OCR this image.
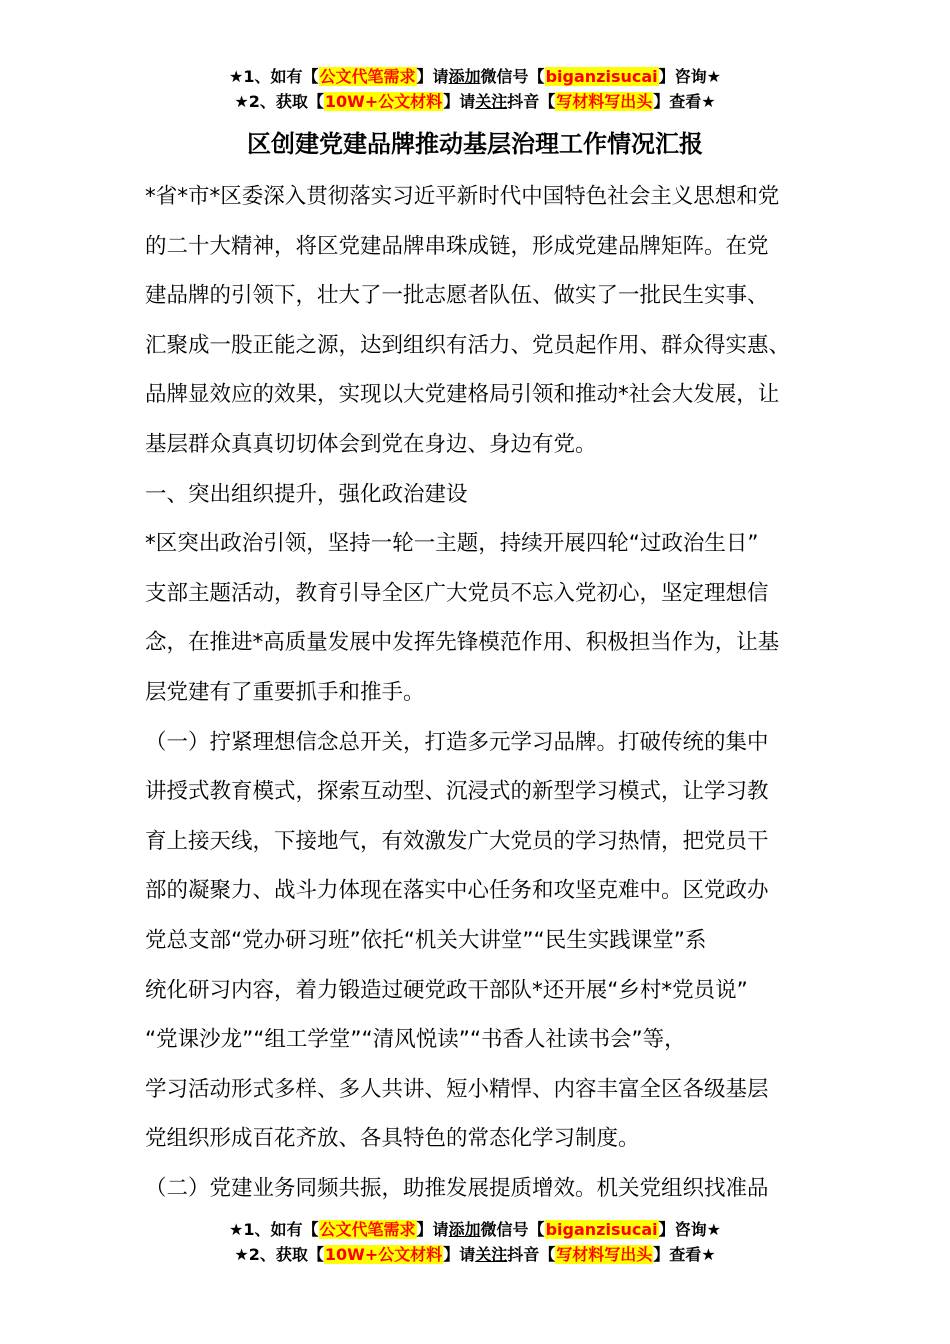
★1、如有【公文代笔需求】请添加微信号【biganzisucai】咨询★
★2、获取【10W+公文材料】请关注抖音【写材料写出头】查看★
区创建党建品牌推动基层治理工作情况汇报

*省*市*区委深入贯彻落实习近平新时代中国特色社会主义思想和党

的二十大精神，将区党建品牌串珠成链，形成党建品牌矩阵。在党

建品牌的引领下，壮大了一批志愿者队伍、做实了一批民生实事、

汇聚成一股正能之源，达到组织有活力、党员起作用、群众得实惠、

品牌显效应的效果，实现以大党建格局引领和推动*社会大发展，让

基层群众真真切切体会到党在身边、身边有党。

一、突出组织提升，强化政治建设

*区突出政治引领，坚持一轮一主题，持续开展四轮“过政治生日”

支部主题活动，教育引导全区广大党员不忘入党初心，坚定理想信

念，在推进*高质量发展中发挥先锋模范作用、积极担当作为，让基

层党建有了重要抓手和推手。

（一）拧紧理想信念总开关，打造多元学习品牌。打破传统的集中

讲授式教育模式，探索互动型、沉浸式的新型学习模式，让学习教

育上接天线，下接地气，有效激发广大党员的学习热情，把党员干

部的凝聚力、战斗力体现在落实中心任务和攻坚克难中。区党政办

党总支部“党办研习班”依托“机关大讲堂”“民生实践课堂”系

统化研习内容，着力锻造过硬党政干部队*还开展“乡村*党员说”

“党课沙龙”“组工学堂”“清风悦读”“书香人社读书会”等，

学习活动形式多样、多人共讲、短小精悍、内容丰富全区各级基层

党组织形成百花齐放、各具特色的常态化学习制度。

（二）党建业务同频共振，助推发展提质增效。机关党组织找准品

★1、如有【公文代笔需求】请添加微信号【biganzisucai】咨询★
★2、获取【10W+公文材料】请关注抖音【写材料写出头】查看★
